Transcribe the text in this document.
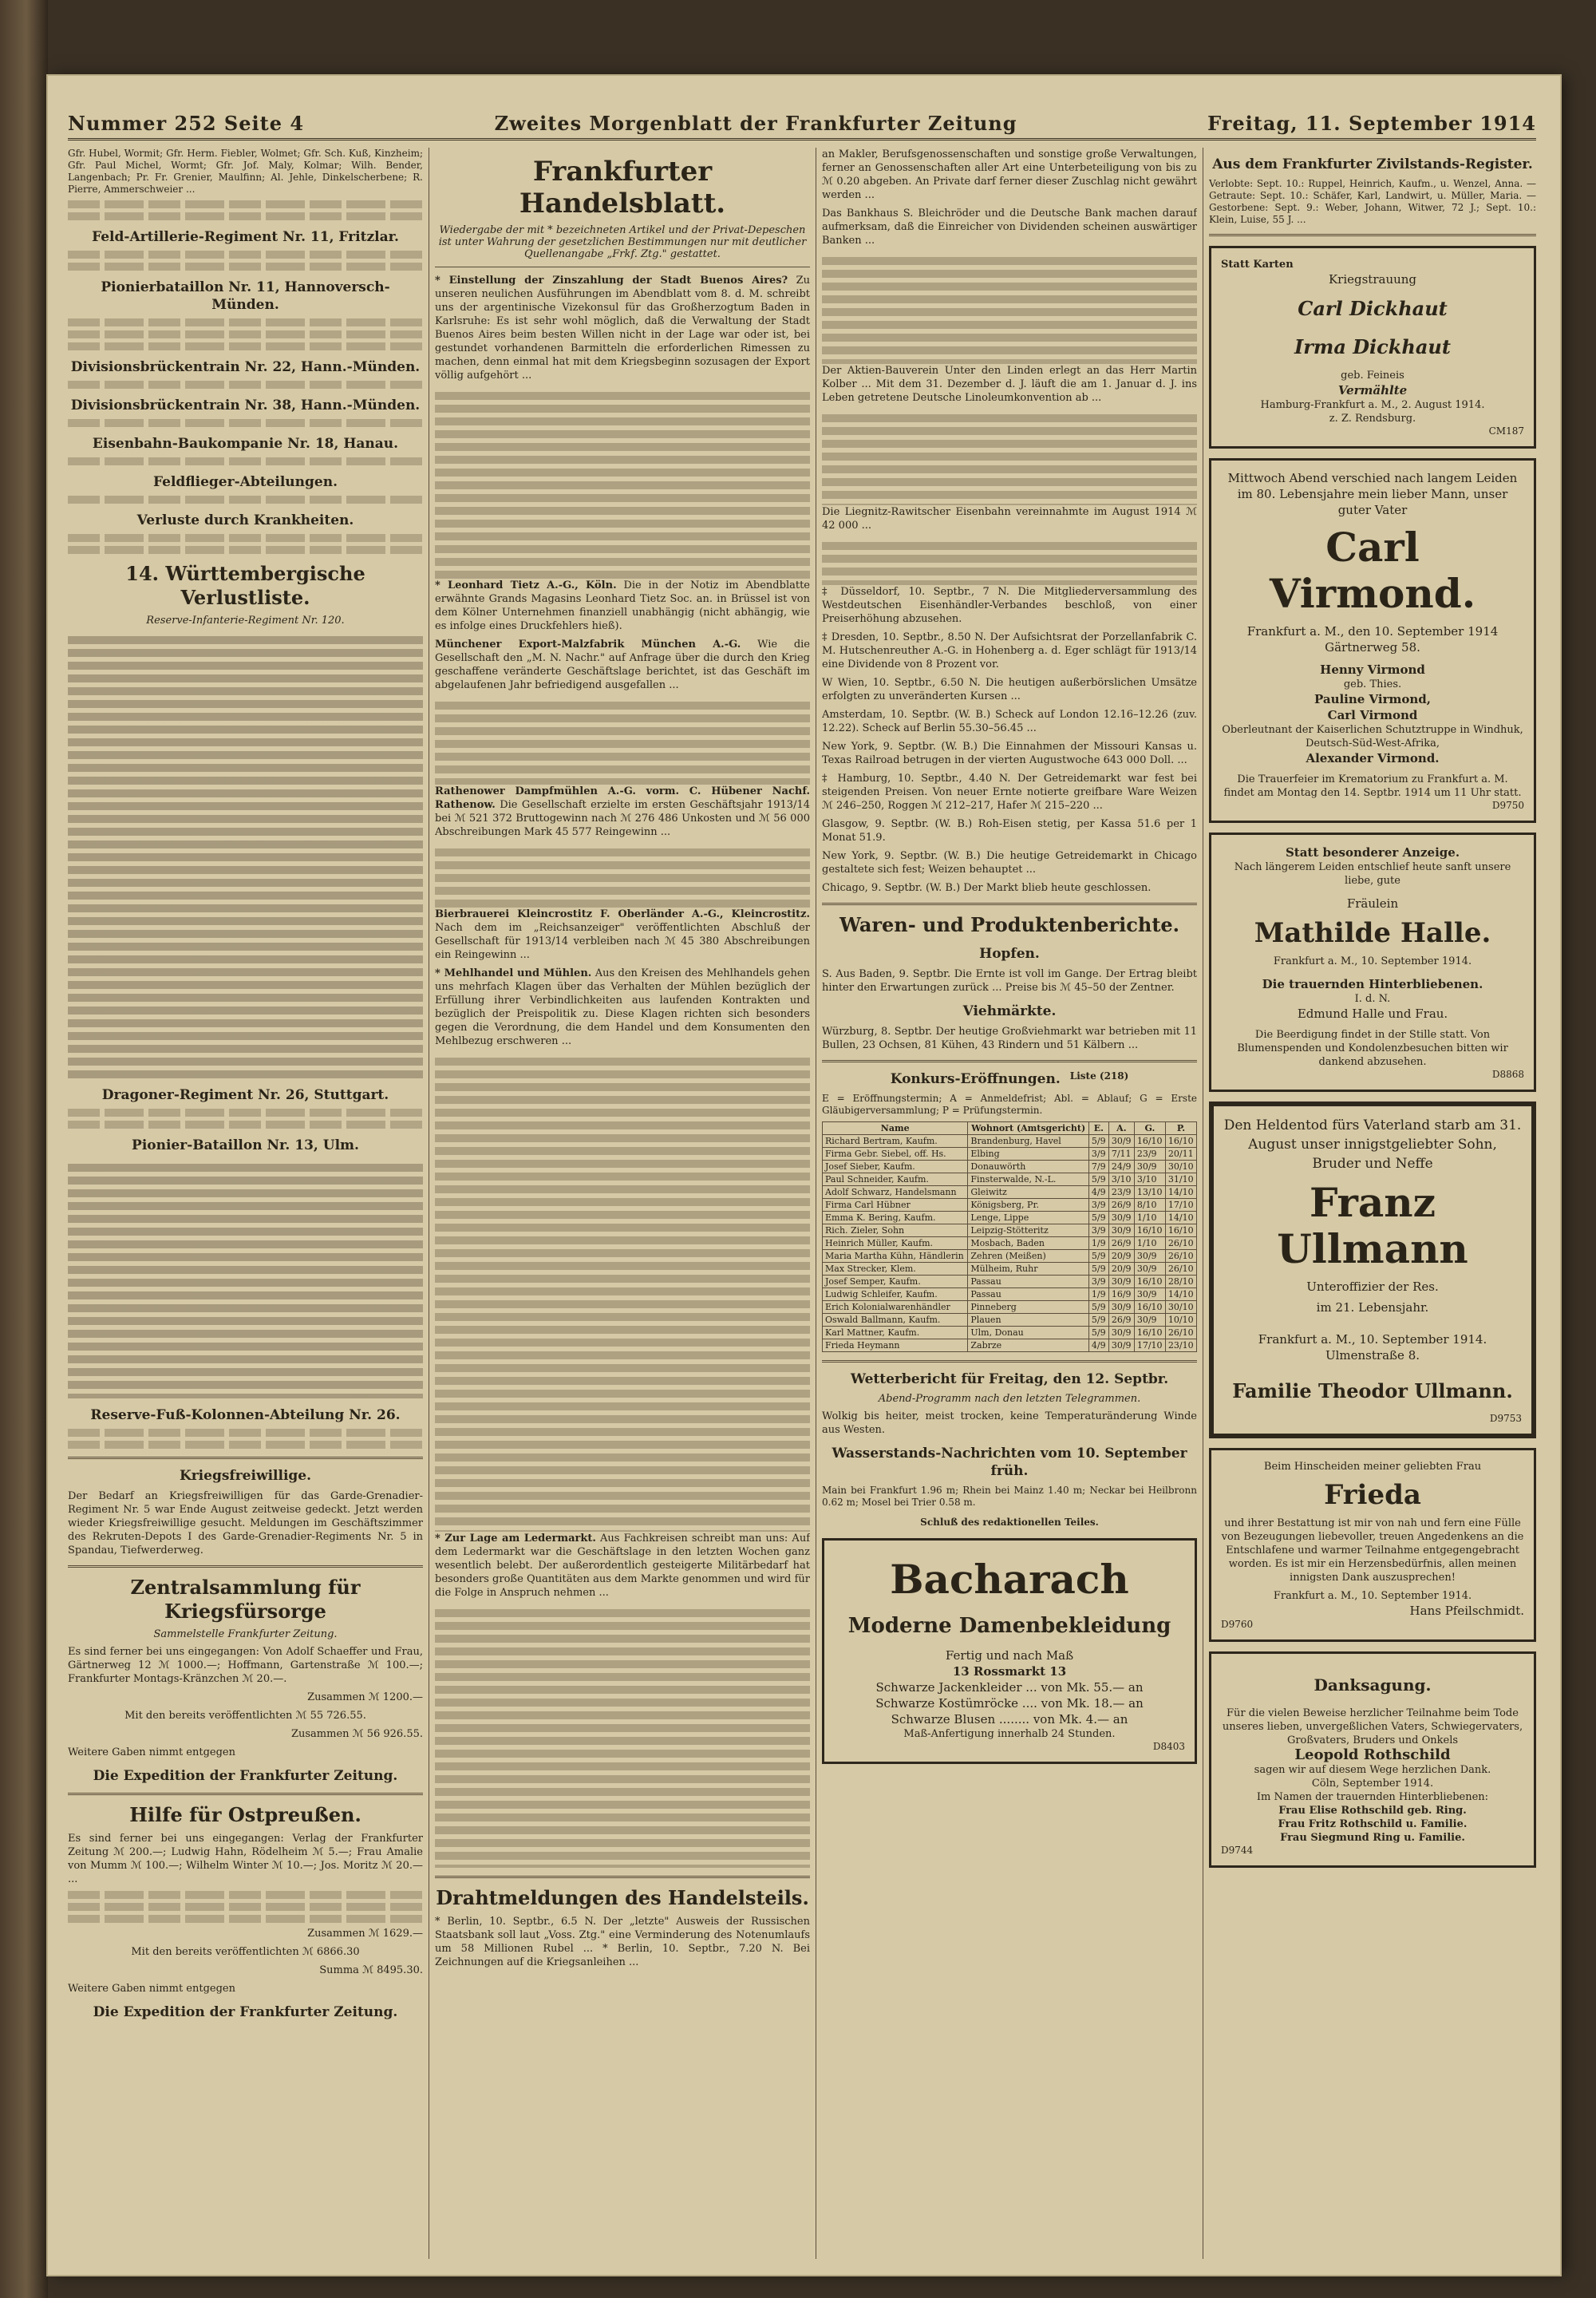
Nummer 252 Seite 4	Zweites Morgenblatt der Frankfurter Zeitung	Freitag, 11. September 1914

Gfr. Hubel, Wormit; Gfr. Herm. Fiebler, Wolmet; Gfr. Sch. Kuß, Kinzheim; Gfr. Paul Michel, Wormt; Gfr. Jof. Maly, Kolmar; Wilh. Bender, Langenbach; Pr. Fr. Grenier, Maulfinn; Al. Jehle, Dinkelscherbene; R. Pierre, Ammerschweier ...

Feld-Artillerie-Regiment Nr. 11, Fritzlar.
Pionierbataillon Nr. 11, Hannoversch-Münden.
Divisionsbrückentrain Nr. 22, Hann.-Münden.
Divisionsbrückentrain Nr. 38, Hann.-Münden.
Eisenbahn-Baukompanie Nr. 18, Hanau.
Feldflieger-Abteilungen.
Verluste durch Krankheiten.
14. Württembergische Verlustliste.
Reserve-Infanterie-Regiment Nr. 120.
Dragoner-Regiment Nr. 26, Stuttgart.
Pionier-Bataillon Nr. 13, Ulm.
Reserve-Fuß-Kolonnen-Abteilung Nr. 26.
Kriegsfreiwillige.

Der Bedarf an Kriegsfreiwilligen für das Garde-Grenadier-Regiment Nr. 5 war Ende August zeitweise gedeckt. Jetzt werden wieder Kriegsfreiwillige gesucht. Meldungen im Geschäftszimmer des Rekruten-Depots I des Garde-Grenadier-Regiments Nr. 5 in Spandau, Tiefwerderweg.

Zentralsammlung für Kriegsfürsorge
Sammelstelle Frankfurter Zeitung.

Es sind ferner bei uns eingegangen: Von Adolf Schaeffer und Frau, Gärtnerweg 12 ℳ 1000.—; Hoffmann, Gartenstraße ℳ 100.—; Frankfurter Montags-Kränzchen ℳ 20.—.

Zusammen ℳ 1200.—
Mit den bereits veröffentlichten ℳ 55 726.55.
Zusammen ℳ 56 926.55.
Weitere Gaben nimmt entgegen
Die Expedition der Frankfurter Zeitung.
Hilfe für Ostpreußen.

Es sind ferner bei uns eingegangen: Verlag der Frankfurter Zeitung ℳ 200.—; Ludwig Hahn, Rödelheim ℳ 5.—; Frau Amalie von Mumm ℳ 100.—; Wilhelm Winter ℳ 10.—; Jos. Moritz ℳ 20.— ...

Zusammen ℳ 1629.—
Mit den bereits veröffentlichten ℳ 6866.30
Summa ℳ 8495.30.
Weitere Gaben nimmt entgegen
Die Expedition der Frankfurter Zeitung.
Frankfurter Handelsblatt.
Wiedergabe der mit * bezeichneten Artikel und der Privat-Depeschen ist unter Wahrung der gesetzlichen Bestimmungen nur mit deutlicher Quellenangabe „Frkf. Ztg." gestattet.

* Einstellung der Zinszahlung der Stadt Buenos Aires? Zu unseren neulichen Ausführungen im Abendblatt vom 8. d. M. schreibt uns der argentinische Vizekonsul für das Großherzogtum Baden in Karlsruhe: Es ist sehr wohl möglich, daß die Verwaltung der Stadt Buenos Aires beim besten Willen nicht in der Lage war oder ist, bei gestundet vorhandenen Barmitteln die erforderlichen Rimessen zu machen, denn einmal hat mit dem Kriegsbeginn sozusagen der Export völlig aufgehört ...

* Leonhard Tietz A.-G., Köln. Die in der Notiz im Abendblatte erwähnte Grands Magasins Leonhard Tietz Soc. an. in Brüssel ist von dem Kölner Unternehmen finanziell unabhängig (nicht abhängig, wie es infolge eines Druckfehlers hieß).

Münchener Export-Malzfabrik München A.-G. Wie die Gesellschaft den „M. N. Nachr." auf Anfrage über die durch den Krieg geschaffene veränderte Geschäftslage berichtet, ist das Geschäft im abgelaufenen Jahr befriedigend ausgefallen ...

Rathenower Dampfmühlen A.-G. vorm. C. Hübener Nachf. Rathenow. Die Gesellschaft erzielte im ersten Geschäftsjahr 1913/14 bei ℳ 521 372 Bruttogewinn nach ℳ 276 486 Unkosten und ℳ 56 000 Abschreibungen Mark 45 577 Reingewinn ...

Bierbrauerei Kleincrostitz F. Oberländer A.-G., Kleincrostitz. Nach dem im „Reichsanzeiger" veröffentlichten Abschluß der Gesellschaft für 1913/14 verbleiben nach ℳ 45 380 Abschreibungen ein Reingewinn ...

* Mehlhandel und Mühlen. Aus den Kreisen des Mehlhandels gehen uns mehrfach Klagen über das Verhalten der Mühlen bezüglich der Erfüllung ihrer Verbindlichkeiten aus laufenden Kontrakten und bezüglich der Preispolitik zu. Diese Klagen richten sich besonders gegen die Verordnung, die dem Handel und dem Konsumenten den Mehlbezug erschweren ...

* Zur Lage am Ledermarkt. Aus Fachkreisen schreibt man uns: Auf dem Ledermarkt war die Geschäftslage in den letzten Wochen ganz wesentlich belebt. Der außerordentlich gesteigerte Militärbedarf hat besonders große Quantitäten aus dem Markte genommen und wird für die Folge in Anspruch nehmen ...

Drahtmeldungen des Handelsteils.

* Berlin, 10. Septbr., 6.5 N. Der „letzte" Ausweis der Russischen Staatsbank soll laut „Voss. Ztg." eine Verminderung des Notenumlaufs um 58 Millionen Rubel ... * Berlin, 10. Septbr., 7.20 N. Bei Zeichnungen auf die Kriegsanleihen ...

an Makler, Berufsgenossenschaften und sonstige große Verwaltungen, ferner an Genossenschaften aller Art eine Unterbeteiligung von bis zu ℳ 0.20 abgeben. An Private darf ferner dieser Zuschlag nicht gewährt werden ...

Das Bankhaus S. Bleichröder und die Deutsche Bank machen darauf aufmerksam, daß die Einreicher von Dividenden scheinen auswärtiger Banken ...

Der Aktien-Bauverein Unter den Linden erlegt an das Herr Martin Kolber ... Mit dem 31. Dezember d. J. läuft die am 1. Januar d. J. ins Leben getretene Deutsche Linoleumkonvention ab ...

Die Liegnitz-Rawitscher Eisenbahn vereinnahmte im August 1914 ℳ 42 000 ...

‡ Düsseldorf, 10. Septbr., 7 N. Die Mitgliederversammlung des Westdeutschen Eisenhändler-Verbandes beschloß, von einer Preiserhöhung abzusehen.

‡ Dresden, 10. Septbr., 8.50 N. Der Aufsichtsrat der Porzellanfabrik C. M. Hutschenreuther A.-G. in Hohenberg a. d. Eger schlägt für 1913/14 eine Dividende von 8 Prozent vor.

W Wien, 10. Septbr., 6.50 N. Die heutigen außerbörslichen Umsätze erfolgten zu unveränderten Kursen ...

Amsterdam, 10. Septbr. (W. B.) Scheck auf London 12.16–12.26 (zuv. 12.22). Scheck auf Berlin 55.30–56.45 ...

New York, 9. Septbr. (W. B.) Die Einnahmen der Missouri Kansas u. Texas Railroad betrugen in der vierten Augustwoche 643 000 Doll. ...

‡ Hamburg, 10. Septbr., 4.40 N. Der Getreidemarkt war fest bei steigenden Preisen. Von neuer Ernte notierte greifbare Ware Weizen ℳ 246–250, Roggen ℳ 212–217, Hafer ℳ 215–220 ...

Glasgow, 9. Septbr. (W. B.) Roh-Eisen stetig, per Kassa 51.6 per 1 Monat 51.9.

New York, 9. Septbr. (W. B.) Die heutige Getreidemarkt in Chicago gestaltete sich fest; Weizen behauptet ...

Chicago, 9. Septbr. (W. B.) Der Markt blieb heute geschlossen.

Waren- und Produktenberichte.
Hopfen.

S. Aus Baden, 9. Septbr. Die Ernte ist voll im Gange. Der Ertrag bleibt hinter den Erwartungen zurück ... Preise bis ℳ 45–50 der Zentner.

Viehmärkte.

Würzburg, 8. Septbr. Der heutige Großviehmarkt war betrieben mit 11 Bullen, 23 Ochsen, 81 Kühen, 43 Rindern und 51 Kälbern ...

Konkurs-Eröffnungen. Liste (218)

E = Eröffnungstermin; A = Anmeldefrist; Abl. = Ablauf; G = Erste Gläubigerversammlung; P = Prüfungstermin.

Name	Wohnort (Amtsgericht)	E.	A.	G.	P.
Richard Bertram, Kaufm.	Brandenburg, Havel	5/9	30/9	16/10	16/10
Firma Gebr. Siebel, off. Hs.	Elbing	3/9	7/11	23/9	20/11
Josef Sieber, Kaufm.	Donauwörth	7/9	24/9	30/9	30/10
Paul Schneider, Kaufm.	Finsterwalde, N.-L.	5/9	3/10	3/10	31/10
Adolf Schwarz, Handelsmann	Gleiwitz	4/9	23/9	13/10	14/10
Firma Carl Hübner	Königsberg, Pr.	3/9	26/9	8/10	17/10
Emma K. Bering, Kaufm.	Lenge, Lippe	5/9	30/9	1/10	14/10
Rich. Zieler, Sohn	Leipzig-Stötteritz	3/9	30/9	16/10	16/10
Heinrich Müller, Kaufm.	Mosbach, Baden	1/9	26/9	1/10	26/10
Maria Martha Kühn, Händlerin	Zehren (Meißen)	5/9	20/9	30/9	26/10
Max Strecker, Klem.	Mülheim, Ruhr	5/9	20/9	30/9	26/10
Josef Semper, Kaufm.	Passau	3/9	30/9	16/10	28/10
Ludwig Schleifer, Kaufm.	Passau	1/9	16/9	30/9	14/10
Erich Kolonialwarenhändler	Pinneberg	5/9	30/9	16/10	30/10
Oswald Ballmann, Kaufm.	Plauen	5/9	26/9	30/9	10/10
Karl Mattner, Kaufm.	Ulm, Donau	5/9	30/9	16/10	26/10
Frieda Heymann	Zabrze	4/9	30/9	17/10	23/10
Wetterbericht für Freitag, den 12. Septbr.
Abend-Programm nach den letzten Telegrammen.

Wolkig bis heiter, meist trocken, keine Temperaturänderung Winde aus Westen.

Wasserstands-Nachrichten vom 10. September früh.

Main bei Frankfurt 1.96 m; Rhein bei Mainz 1.40 m; Neckar bei Heilbronn 0.62 m; Mosel bei Trier 0.58 m.

Schluß des redaktionellen Teiles.
Bacharach
Moderne Damenbekleidung
Fertig und nach Maß
13 Rossmarkt 13
Schwarze Jackenkleider ... von Mk. 55.— an
Schwarze Kostümröcke .... von Mk. 18.— an
Schwarze Blusen ........ von Mk. 4.— an
Maß-Anfertigung innerhalb 24 Stunden.
D8403
Aus dem Frankfurter Zivilstands-Register.

Verlobte: Sept. 10.: Ruppel, Heinrich, Kaufm., u. Wenzel, Anna. — Getraute: Sept. 10.: Schäfer, Karl, Landwirt, u. Müller, Maria. — Gestorbene: Sept. 9.: Weber, Johann, Witwer, 72 J.; Sept. 10.: Klein, Luise, 55 J. ...

Statt Karten
Kriegstrauung
Carl Dickhaut
Irma Dickhaut
geb. Feineis
Vermählte
Hamburg-Frankfurt a. M., 2. August 1914.
z. Z. Rendsburg.
CM187
Mittwoch Abend verschied nach langem Leiden im 80. Lebensjahre mein lieber Mann, unser guter Vater
Carl Virmond.
Frankfurt a. M., den 10. September 1914
Gärtnerweg 58.
Henny Virmond
geb. Thies.
Pauline Virmond,
Carl Virmond
Oberleutnant der Kaiserlichen Schutztruppe in Windhuk, Deutsch-Süd-West-Afrika,
Alexander Virmond.
Die Trauerfeier im Krematorium zu Frankfurt a. M. findet am Montag den 14. Septbr. 1914 um 11 Uhr statt.
D9750
Statt besonderer Anzeige.
Nach längerem Leiden entschlief heute sanft unsere liebe, gute
Fräulein
Mathilde Halle.
Frankfurt a. M., 10. September 1914.
Die trauernden Hinterbliebenen.
I. d. N.
Edmund Halle und Frau.
Die Beerdigung findet in der Stille statt. Von Blumenspenden und Kondolenzbesuchen bitten wir dankend abzusehen.
D8868
Den Heldentod fürs Vaterland starb am 31. August unser innigstgeliebter Sohn, Bruder und Neffe
Franz Ullmann
Unteroffizier der Res.
im 21. Lebensjahr.
Frankfurt a. M., 10. September 1914.
Ulmenstraße 8.
Familie Theodor Ullmann.
D9753
Beim Hinscheiden meiner geliebten Frau
Frieda
und ihrer Bestattung ist mir von nah und fern eine Fülle von Bezeugungen liebevoller, treuen Angedenkens an die Entschlafene und warmer Teilnahme entgegengebracht worden. Es ist mir ein Herzensbedürfnis, allen meinen innigsten Dank auszusprechen!
Frankfurt a. M., 10. September 1914.
Hans Pfeilschmidt.
D9760
Danksagung.
Für die vielen Beweise herzlicher Teilnahme beim Tode unseres lieben, unvergeßlichen Vaters, Schwiegervaters, Großvaters, Bruders und Onkels
Leopold Rothschild
sagen wir auf diesem Wege herzlichen Dank.
Cöln, September 1914.
Im Namen der trauernden Hinterbliebenen:
Frau Elise Rothschild geb. Ring.
Frau Fritz Rothschild u. Familie.
Frau Siegmund Ring u. Familie.
D9744
